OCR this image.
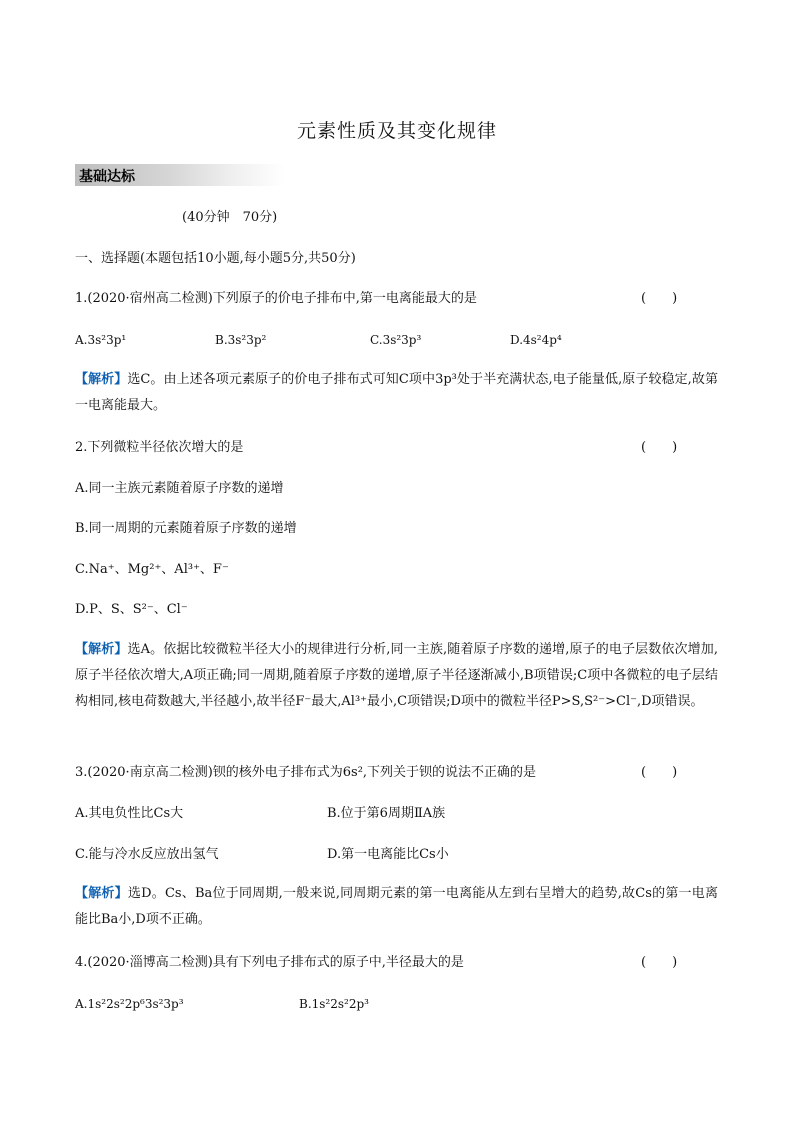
元素性质及其变化规律
基础达标
(40分钟　70分)
一、选择题(本题包括10小题,每小题5分,共50分)
1.(2020·宿州高二检测)下列原子的价电子排布中,第一电离能最大的是	(　　)
A.3s²3p¹	B.3s²3p²	C.3s²3p³	D.4s²4p⁴
【解析】选C。由上述各项元素原子的价电子排布式可知C项中3p³处于半充满状态,电子能量低,原子较稳定,故第一电离能最大。
2.下列微粒半径依次增大的是	(　　)
A.同一主族元素随着原子序数的递增
B.同一周期的元素随着原子序数的递增
C.Na⁺、Mg²⁺、Al³⁺、F⁻
D.P、S、S²⁻、Cl⁻
【解析】选A。依据比较微粒半径大小的规律进行分析,同一主族,随着原子序数的递增,原子的电子层数依次增加,原子半径依次增大,A项正确;同一周期,随着原子序数的递增,原子半径逐渐减小,B项错误;C项中各微粒的电子层结构相同,核电荷数越大,半径越小,故半径F⁻最大,Al³⁺最小,C项错误;D项中的微粒半径P>S,S²⁻>Cl⁻,D项错误。
3.(2020·南京高二检测)钡的核外电子排布式为6s²,下列关于钡的说法不正确的是	(　　)
A.其电负性比Cs大	B.位于第6周期ⅡA族
C.能与冷水反应放出氢气	D.第一电离能比Cs小
【解析】选D。Cs、Ba位于同周期,一般来说,同周期元素的第一电离能从左到右呈增大的趋势,故Cs的第一电离能比Ba小,D项不正确。
4.(2020·淄博高二检测)具有下列电子排布式的原子中,半径最大的是	(　　)
A.1s²2s²2p⁶3s²3p³	B.1s²2s²2p³
